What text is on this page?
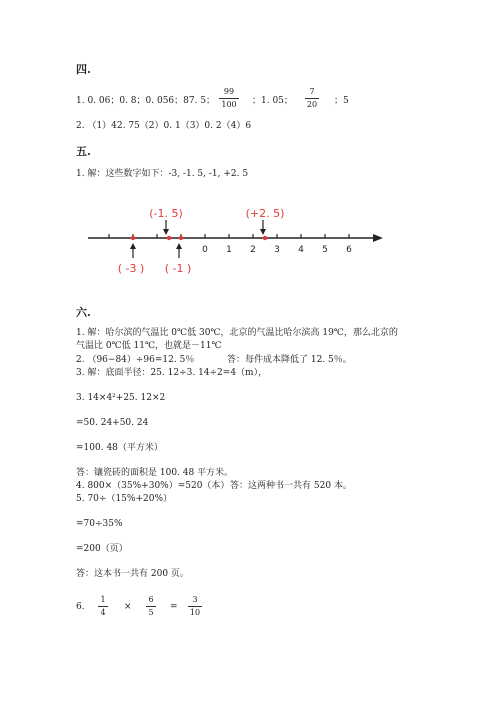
四.
1. 0. 06；0. 8；0. 056；87. 5；
99
100 ；1. 05；
7
20 ；5
2. （1）42. 75（2）0. 1（3）0. 2（4）6
五.
1. 解：这些数字如下：-3, -1. 5, -1, +2. 5
0 1 2 3 4 5 6
(-1. 5)	(+2. 5)
( -3 ) ( -1 )
六.
1. 解：哈尔滨的气温比 0℃低 30℃，北京的气温比哈尔滨高 19℃，那么北京的
气温比 0℃低 11℃，也就是－11℃
2. （96−84）÷96=12. 5％	答：每件成本降低了 12. 5％。
3. 解：底面半径：25. 12÷3. 14÷2=4（m），
3. 14×4²+25. 12×2
=50. 24+50. 24
=100. 48（平方米）
答：镶瓷砖的面积是 100. 48 平方米。
4. 800×（35%+30%）=520（本） 答：这两种书一共有 520 本。
5. 70÷（15%+20%）
=70÷35%
=200（页）
答：这本书一共有 200 页。
6.
1
4
×
6
5
=
3
10
